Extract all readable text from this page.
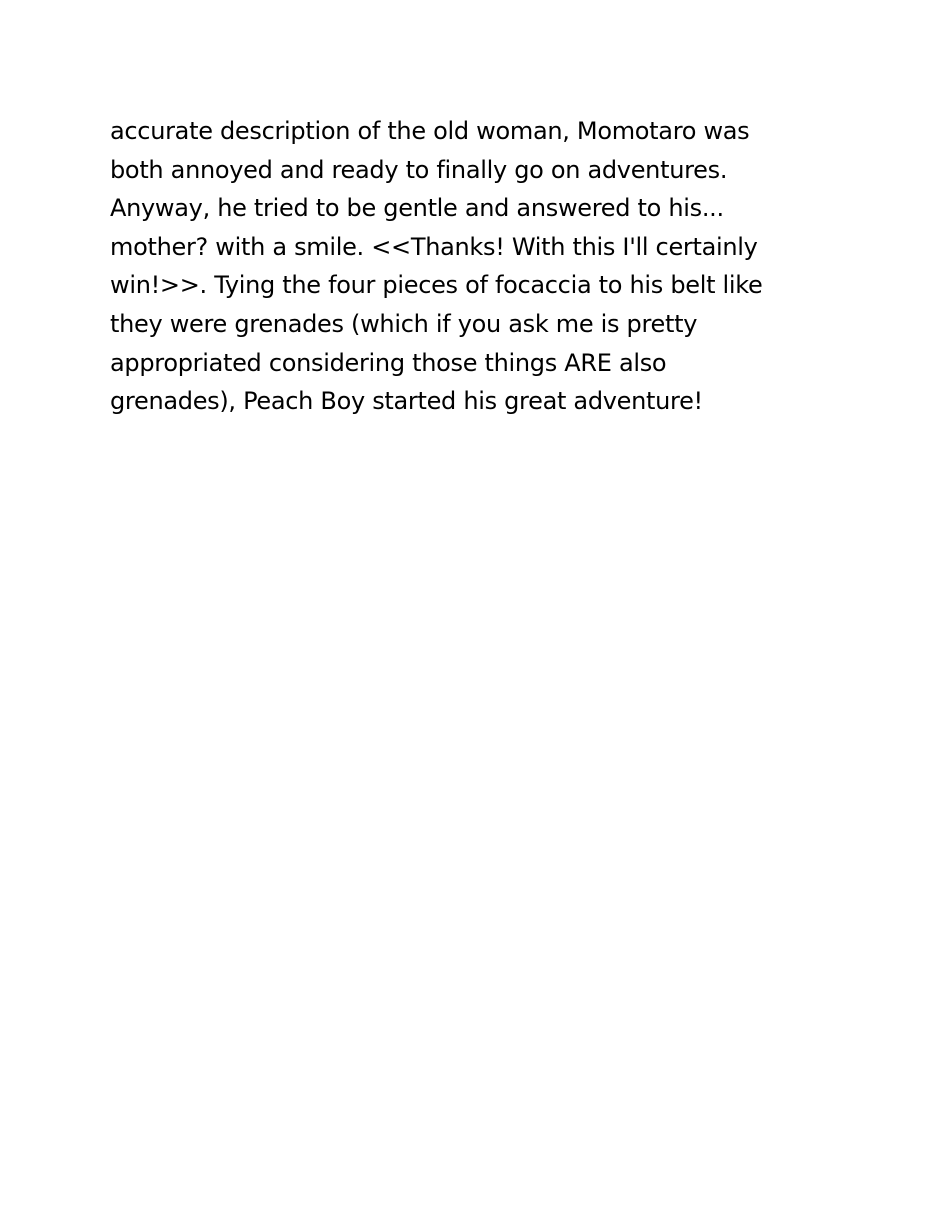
accurate description of the old woman, Momotaro was
both annoyed and ready to finally go on adventures.
Anyway, he tried to be gentle and answered to his...
mother? with a smile. <<Thanks! With this I'll certainly
win!>>. Tying the four pieces of focaccia to his belt like
they were grenades (which if you ask me is pretty
appropriated considering those things ARE also
grenades), Peach Boy started his great adventure!
